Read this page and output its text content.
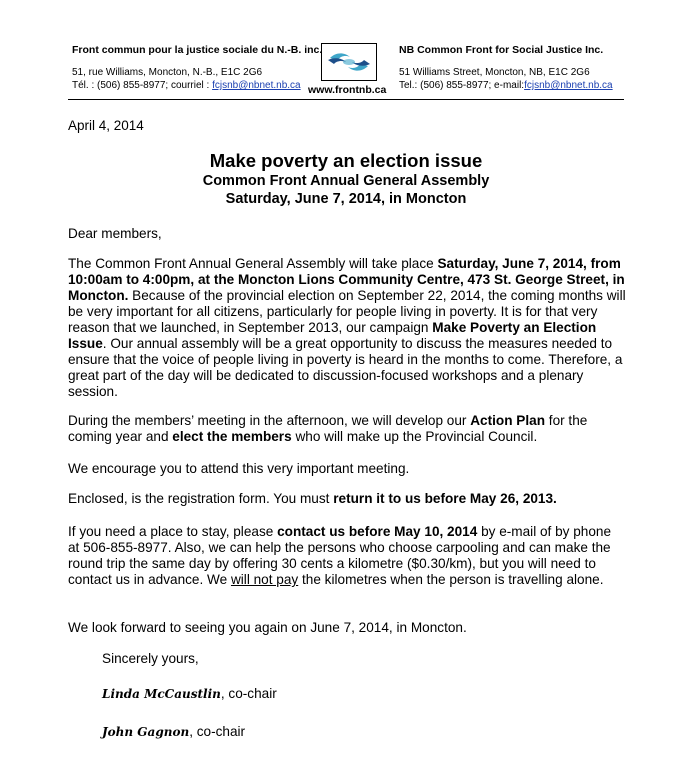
Front commun pour la justice sociale du N.-B. inc.
51, rue Williams, Moncton, N.-B., E1C 2G6
Tél. : (506) 855-8977; courriel : fcjsnb@nbnet.nb.ca www.frontnb.ca
NB Common Front for Social Justice Inc.
51 Williams Street, Moncton, NB, E1C 2G6
Tel.: (506) 855-8977; e-mail:fcjsnb@nbnet.nb.ca
April 4, 2014
Make poverty an election issue
Common Front Annual General Assembly
Saturday, June 7, 2014, in Moncton
Dear members,
The Common Front Annual General Assembly will take place Saturday, June 7, 2014, from 10:00am to 4:00pm, at the Moncton Lions Community Centre, 473 St. George Street, in Moncton. Because of the provincial election on September 22, 2014, the coming months will be very important for all citizens, particularly for people living in poverty. It is for that very reason that we launched, in September 2013, our campaign Make Poverty an Election Issue. Our annual assembly will be a great opportunity to discuss the measures needed to ensure that the voice of people living in poverty is heard in the months to come. Therefore, a great part of the day will be dedicated to discussion-focused workshops and a plenary session.
During the members’ meeting in the afternoon, we will develop our Action Plan for the coming year and elect the members who will make up the Provincial Council.
We encourage you to attend this very important meeting.
Enclosed, is the registration form. You must return it to us before May 26, 2013.
If you need a place to stay, please contact us before May 10, 2014 by e-mail of by phone at 506-855-8977. Also, we can help the persons who choose carpooling and can make the round trip the same day by offering 30 cents a kilometre ($0.30/km), but you will need to contact us in advance. We will not pay the kilometres when the person is travelling alone.
We look forward to seeing you again on June 7, 2014, in Moncton.
Sincerely yours,
Linda McCaustlin, co-chair
John Gagnon, co-chair
